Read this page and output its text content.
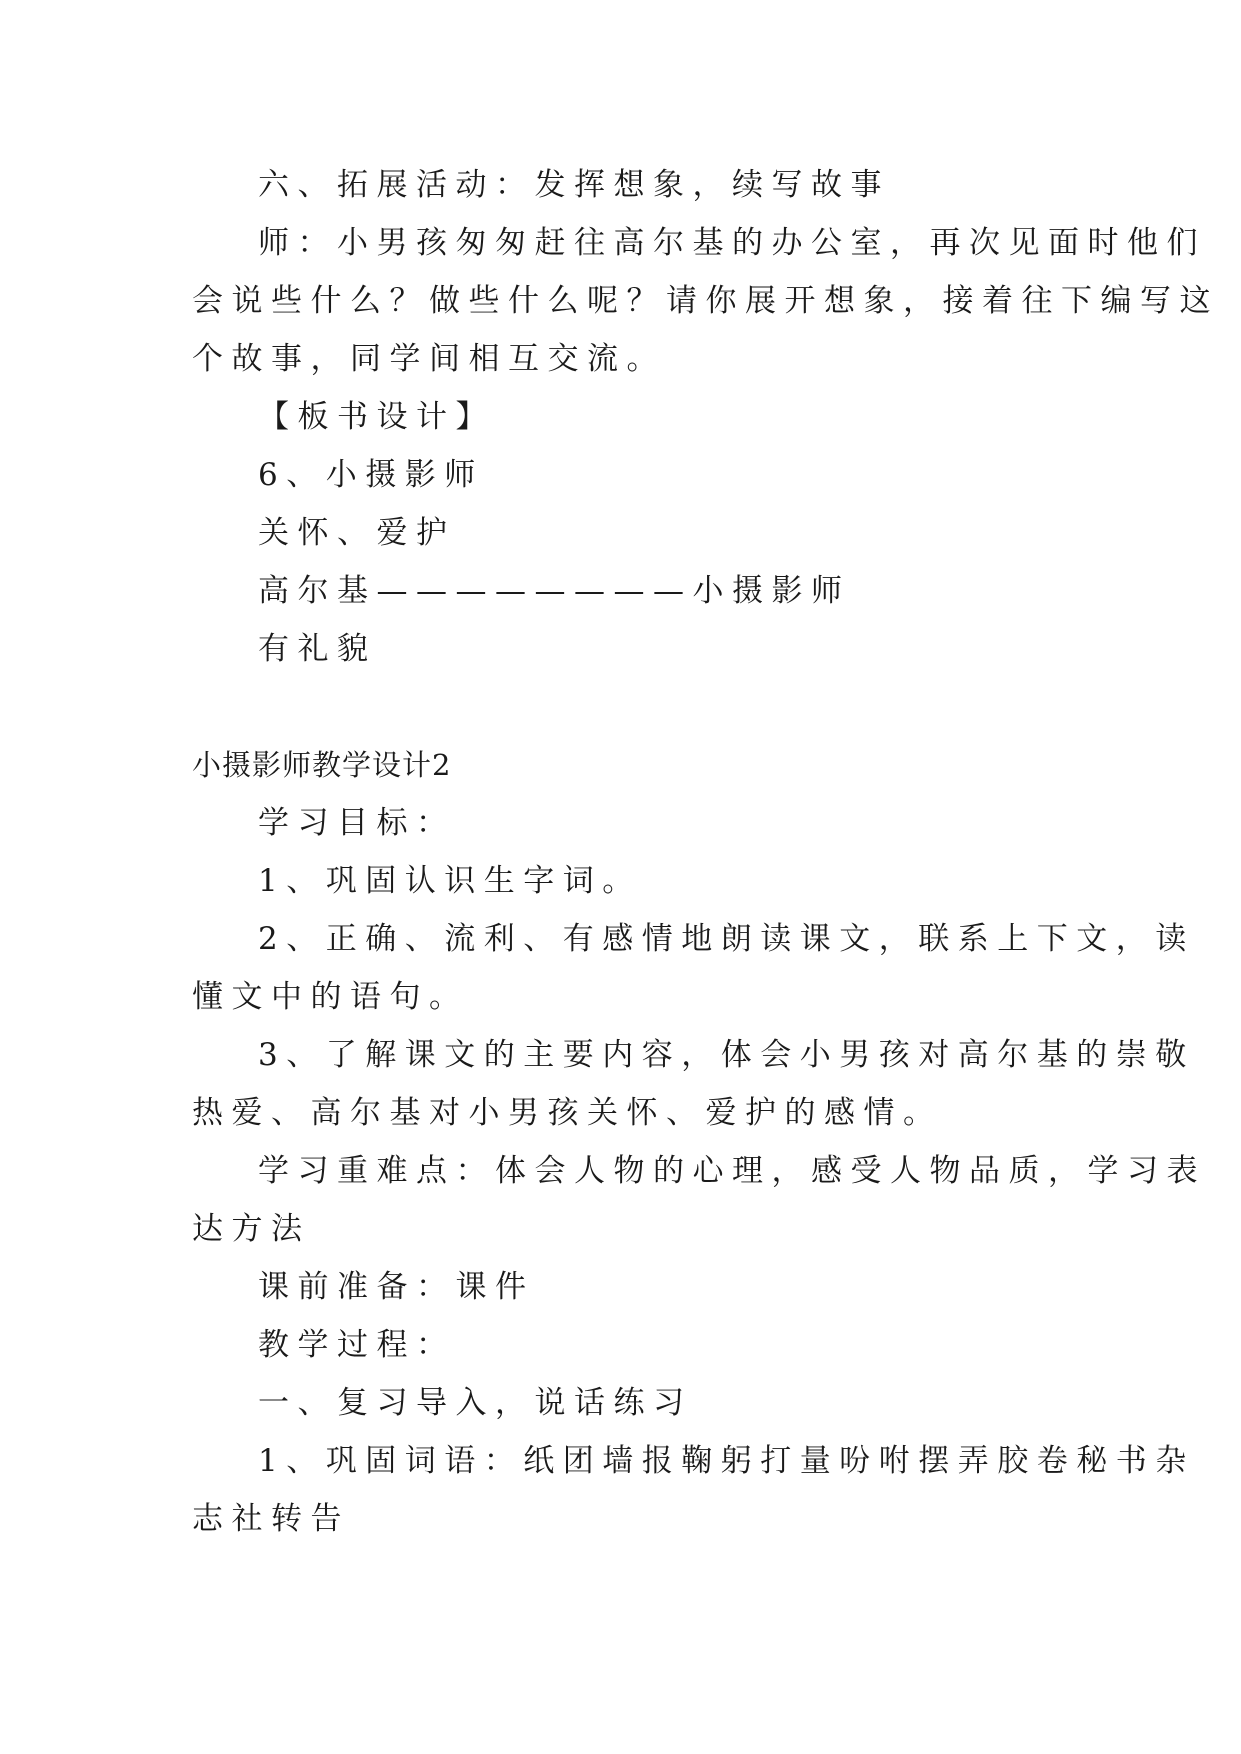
六、拓展活动：发挥想象，续写故事
师：小男孩匆匆赶往高尔基的办公室，再次见面时他们
会说些什么？做些什么呢？请你展开想象，接着往下编写这
个故事，同学间相互交流。
【板书设计】
6、小摄影师
关怀、爱护
高尔基————————小摄影师
有礼貌
小摄影师教学设计2
学习目标：
1、巩固认识生字词。
2、正确、流利、有感情地朗读课文，联系上下文，读
懂文中的语句。
3、了解课文的主要内容，体会小男孩对高尔基的崇敬
热爱、高尔基对小男孩关怀、爱护的感情。
学习重难点：体会人物的心理，感受人物品质，学习表
达方法
课前准备：课件
教学过程：
一、复习导入，说话练习
1、巩固词语：纸团墙报鞠躬打量吩咐摆弄胶卷秘书杂
志社转告
